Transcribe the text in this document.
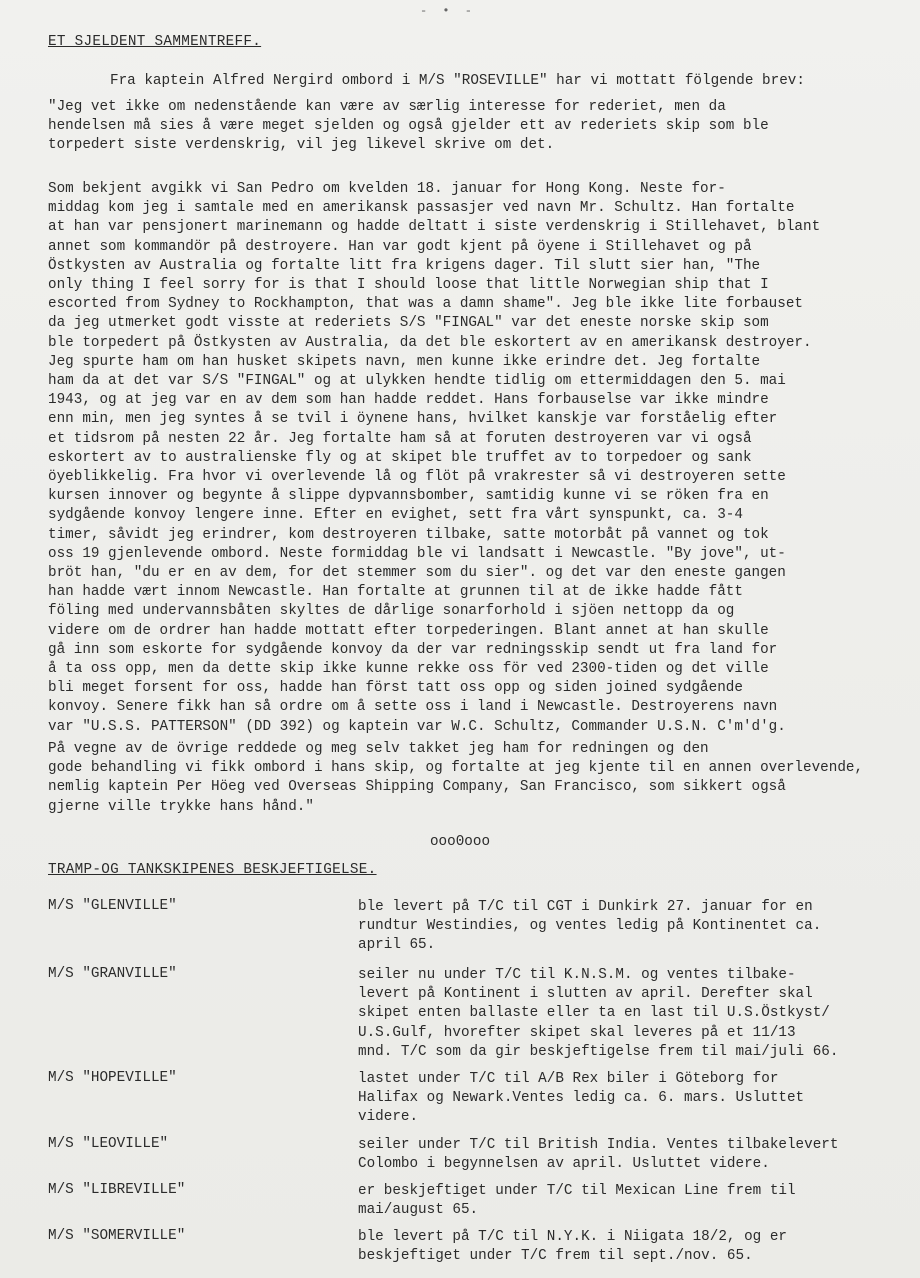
- • -
ET SJELDENT SAMMENTREFF.
Fra kaptein Alfred Nergird ombord i M/S "ROSEVILLE" har vi mottatt fölgende brev:
"Jeg vet ikke om nedenstående kan være av særlig interesse for rederiet, men da
hendelsen må sies å være meget sjelden og også gjelder ett av rederiets skip som ble
torpedert siste verdenskrig, vil jeg likevel skrive om det.
Som bekjent avgikk vi San Pedro om kvelden 18. januar for Hong Kong. Neste for-
middag kom jeg i samtale med en amerikansk passasjer ved navn Mr. Schultz. Han fortalte
at han var pensjonert marinemann og hadde deltatt i siste verdenskrig i Stillehavet, blant
annet som kommandör på destroyere. Han var godt kjent på öyene i Stillehavet og på
Östkysten av Australia og fortalte litt fra krigens dager. Til slutt sier han, "The
only thing I feel sorry for is that I should loose that little Norwegian ship that I
escorted from Sydney to Rockhampton, that was a damn shame". Jeg ble ikke lite forbauset
da jeg utmerket godt visste at rederiets S/S "FINGAL" var det eneste norske skip som
ble torpedert på Östkysten av Australia, da det ble eskortert av en amerikansk destroyer.
Jeg spurte ham om han husket skipets navn, men kunne ikke erindre det. Jeg fortalte
ham da at det var S/S "FINGAL" og at ulykken hendte tidlig om ettermiddagen den 5. mai
1943, og at jeg var en av dem som han hadde reddet. Hans forbauselse var ikke mindre
enn min, men jeg syntes å se tvil i öynene hans, hvilket kanskje var forståelig efter
et tidsrom på nesten 22 år. Jeg fortalte ham så at foruten destroyeren var vi også
eskortert av to australienske fly og at skipet ble truffet av to torpedoer og sank
öyeblikkelig. Fra hvor vi overlevende lå og flöt på vrakrester så vi destroyeren sette
kursen innover og begynte å slippe dypvannsbomber, samtidig kunne vi se röken fra en
sydgående konvoy lengere inne. Efter en evighet, sett fra vårt synspunkt, ca. 3-4
timer, såvidt jeg erindrer, kom destroyeren tilbake, satte motorbåt på vannet og tok
oss 19 gjenlevende ombord. Neste formiddag ble vi landsatt i Newcastle. "By jove", ut-
bröt han, "du er en av dem, for det stemmer som du sier". og det var den eneste gangen
han hadde vært innom Newcastle. Han fortalte at grunnen til at de ikke hadde fått
föling med undervannsbåten skyltes de dårlige sonarforhold i sjöen nettopp da og
videre om de ordrer han hadde mottatt efter torpederingen. Blant annet at han skulle
gå inn som eskorte for sydgående konvoy da der var redningsskip sendt ut fra land for
å ta oss opp, men da dette skip ikke kunne rekke oss för ved 2300-tiden og det ville
bli meget forsent for oss, hadde han först tatt oss opp og siden joined sydgående
konvoy. Senere fikk han så ordre om å sette oss i land i Newcastle. Destroyerens navn
var "U.S.S. PATTERSON" (DD 392) og kaptein var W.C. Schultz, Commander U.S.N. C'm'd'g.
På vegne av de övrige reddede og meg selv takket jeg ham for redningen og den
gode behandling vi fikk ombord i hans skip, og fortalte at jeg kjente til en annen overlevende,
nemlig kaptein Per Höeg ved Overseas Shipping Company, San Francisco, som sikkert også
gjerne ville trykke hans hånd."
ooo0ooo
TRAMP-OG TANKSKIPENES BESKJEFTIGELSE.
M/S "GLENVILLE"	ble levert på T/C til CGT i Dunkirk 27. januar for en
rundtur Westindies, og ventes ledig på Kontinentet ca.
april 65.
M/S "GRANVILLE"	seiler nu under T/C til K.N.S.M. og ventes tilbake-
levert på Kontinent i slutten av april. Derefter skal
skipet enten ballaste eller ta en last til U.S.Östkyst/
U.S.Gulf, hvorefter skipet skal leveres på et 11/13
mnd. T/C som da gir beskjeftigelse frem til mai/juli 66.
M/S "HOPEVILLE"	lastet under T/C til A/B Rex biler i Göteborg for
Halifax og Newark.Ventes ledig ca. 6. mars. Usluttet
videre.
M/S "LEOVILLE"	seiler under T/C til British India. Ventes tilbakelevert
Colombo i begynnelsen av april. Usluttet videre.
M/S "LIBREVILLE"	er beskjeftiget under T/C til Mexican Line frem til
mai/august 65.
M/S "SOMERVILLE"	ble levert på T/C til N.Y.K. i Niigata 18/2, og er
beskjeftiget under T/C frem til sept./nov. 65.
